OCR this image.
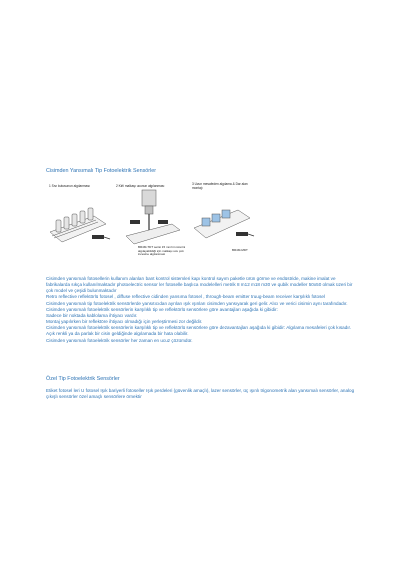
Cisimden Yansımalı Tip Fotoelektrik Sensörler
1 Sıvı kutusunun algılanması	2 Kirli malkaşı ucunun algılanması
BR4M-TDT serisi 15 mm'nin üzerini algılayabildiği için malkaşı ucu çok incesine algılanmasi
3 Uzun mesafeden algılama & Dar alan montajı
BR4M-MDT

Cisimden yansımalı fotosellerin kullanım alanları bant kontrol sistemleri kapı kontrol sayım paketle ürün görme ve endüstride, makine imalat ve fabrikalarda sıkça kullanılmaktadır photoelectric sensor ler fotoselle başlıca modelelleri metrik 8 m12 m18 m30 ve qubik modeller 50x50 olmak üzeri bir çok model ve çeşidi bulunmaktadır

Retro reflective reflektörlü fotosel , diffuse reflective cidinden yansıma fotosel , through-beam emitter truug-beam receiver karşılıklı fotosel

Cisimden yansımalı tip fotoelektrik sensörlerde yansıtıcıdan ayrılan ışık ışınları cisimden yansıyarak geri gelir. Alıcı ve verici cisimin aynı tarafındadır.

Cisimden yansımalı fotoelektrik sensörlerin karşılıklı tip ve reflektörlü sensörlere göre avantajları aşağıda ki gibidir:

Sadece bir noktada kablolama ihtiyacı vardır.

Montaj yapılırken bir reflektöre ihtiyacı olmadığı için yerleştirmesi zor değildir.

Cisimden yansımalı fotoelektrik sensörlerin karşılıklı tip ve reflektörlü sensörlere göre dezavantajları aşağıda ki gibidir: Algılama mesafeleri çok kısadır.

Açık renkli ya da parlak bir cisin geldiğinde algılamada bir hata olabilir.

Cisimden yansımalı fotoelektrik sensörler her zaman en ucuz çözümdür.

Özel Tip Fotoelektrik Sensörler

Etiket fotosel leri U fotosel Işık bariyerli fotoseller Işık perdeleri (güvenlik amaçlı), lazer sensörler, üç ışınlı trigonometrik alan yansımalı sensörler, analog çıkışlı sensörler özel amaçlı sensörlere örnektir
